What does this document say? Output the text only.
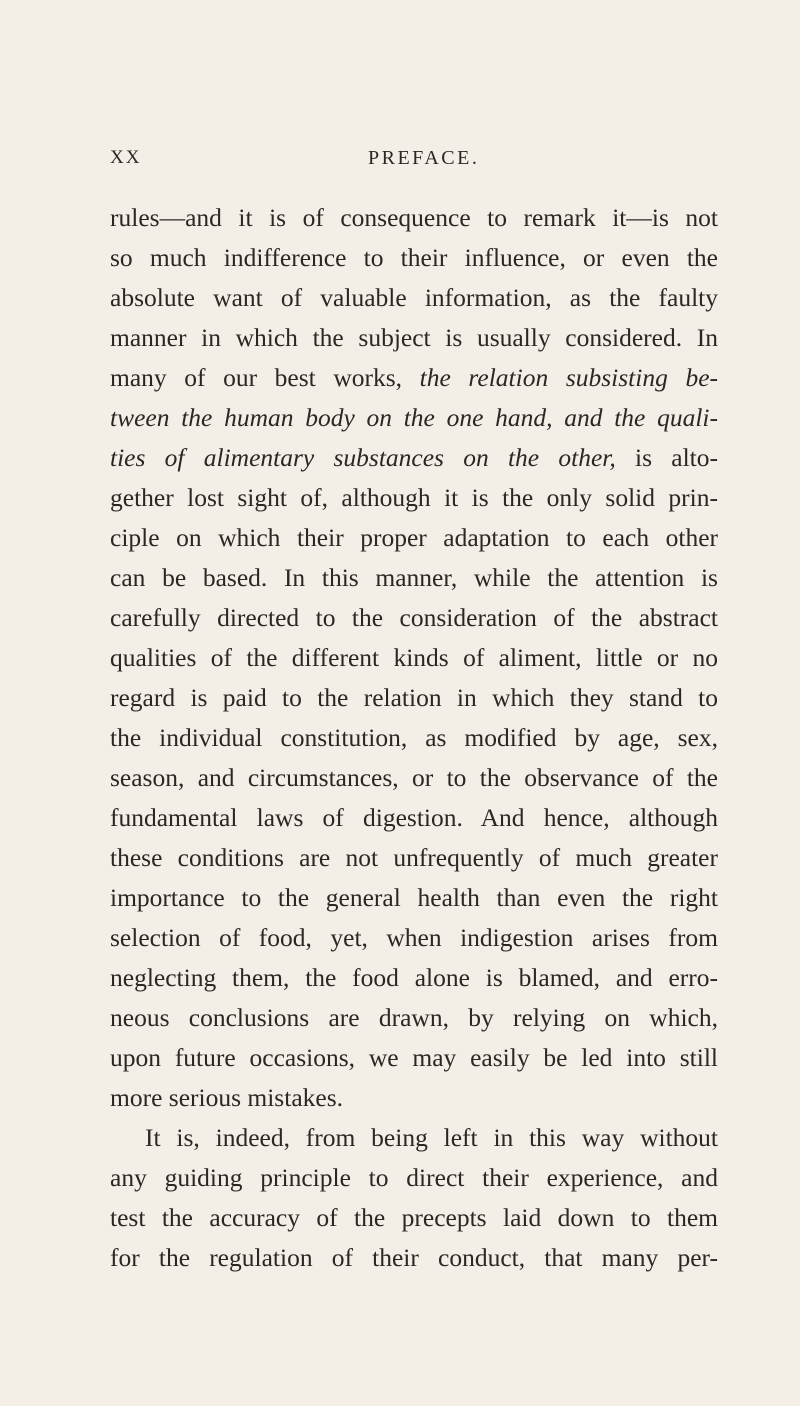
XX	PREFACE.
rules—and it is of consequence to remark it—is not
so much indifference to their influence, or even the
absolute want of valuable information, as the faulty
manner in which the subject is usually considered. In
many of our best works, the relation subsisting be-
tween the human body on the one hand, and the quali-
ties of alimentary substances on the other, is alto-
gether lost sight of, although it is the only solid prin-
ciple on which their proper adaptation to each other
can be based. In this manner, while the attention is
carefully directed to the consideration of the abstract
qualities of the different kinds of aliment, little or no
regard is paid to the relation in which they stand to
the individual constitution, as modified by age, sex,
season, and circumstances, or to the observance of the
fundamental laws of digestion. And hence, although
these conditions are not unfrequently of much greater
importance to the general health than even the right
selection of food, yet, when indigestion arises from
neglecting them, the food alone is blamed, and erro-
neous conclusions are drawn, by relying on which,
upon future occasions, we may easily be led into still
more serious mistakes.
It is, indeed, from being left in this way without
any guiding principle to direct their experience, and
test the accuracy of the precepts laid down to them
for the regulation of their conduct, that many per-
